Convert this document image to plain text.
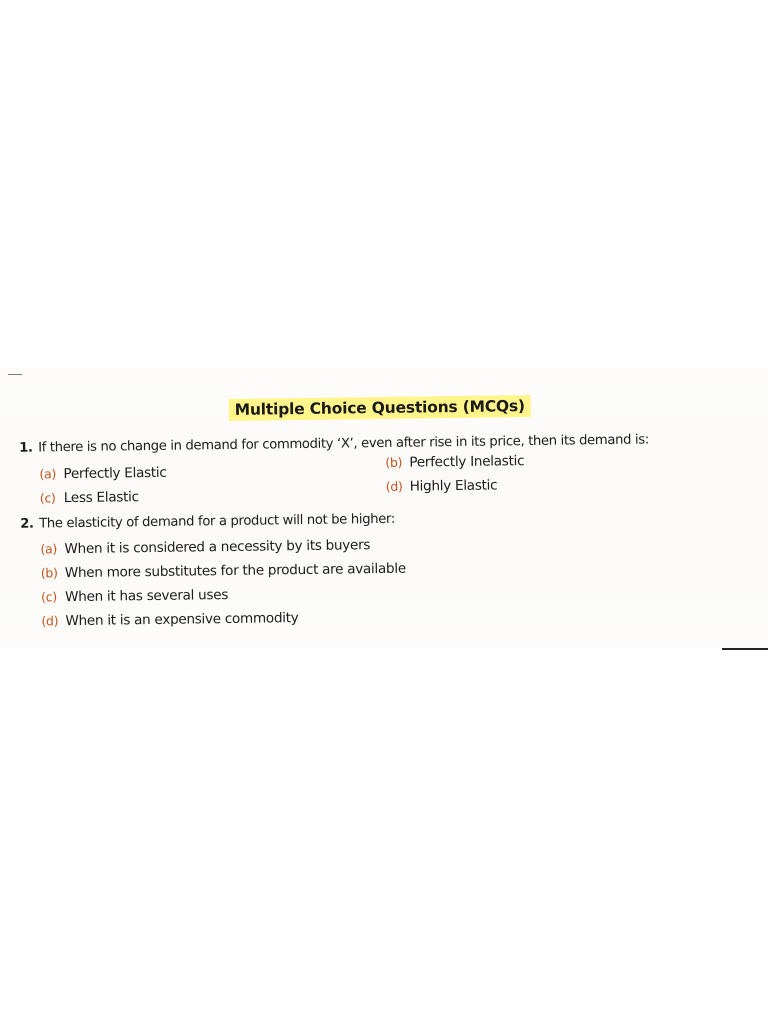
Multiple Choice Questions (MCQs)
1. If there is no change in demand for commodity ‘X’, even after rise in its price, then its demand is:
(a) Perfectly Elastic
(b) Perfectly Inelastic
(c) Less Elastic
(d) Highly Elastic
2. The elasticity of demand for a product will not be higher:
(a) When it is considered a necessity by its buyers
(b) When more substitutes for the product are available
(c) When it has several uses
(d) When it is an expensive commodity
